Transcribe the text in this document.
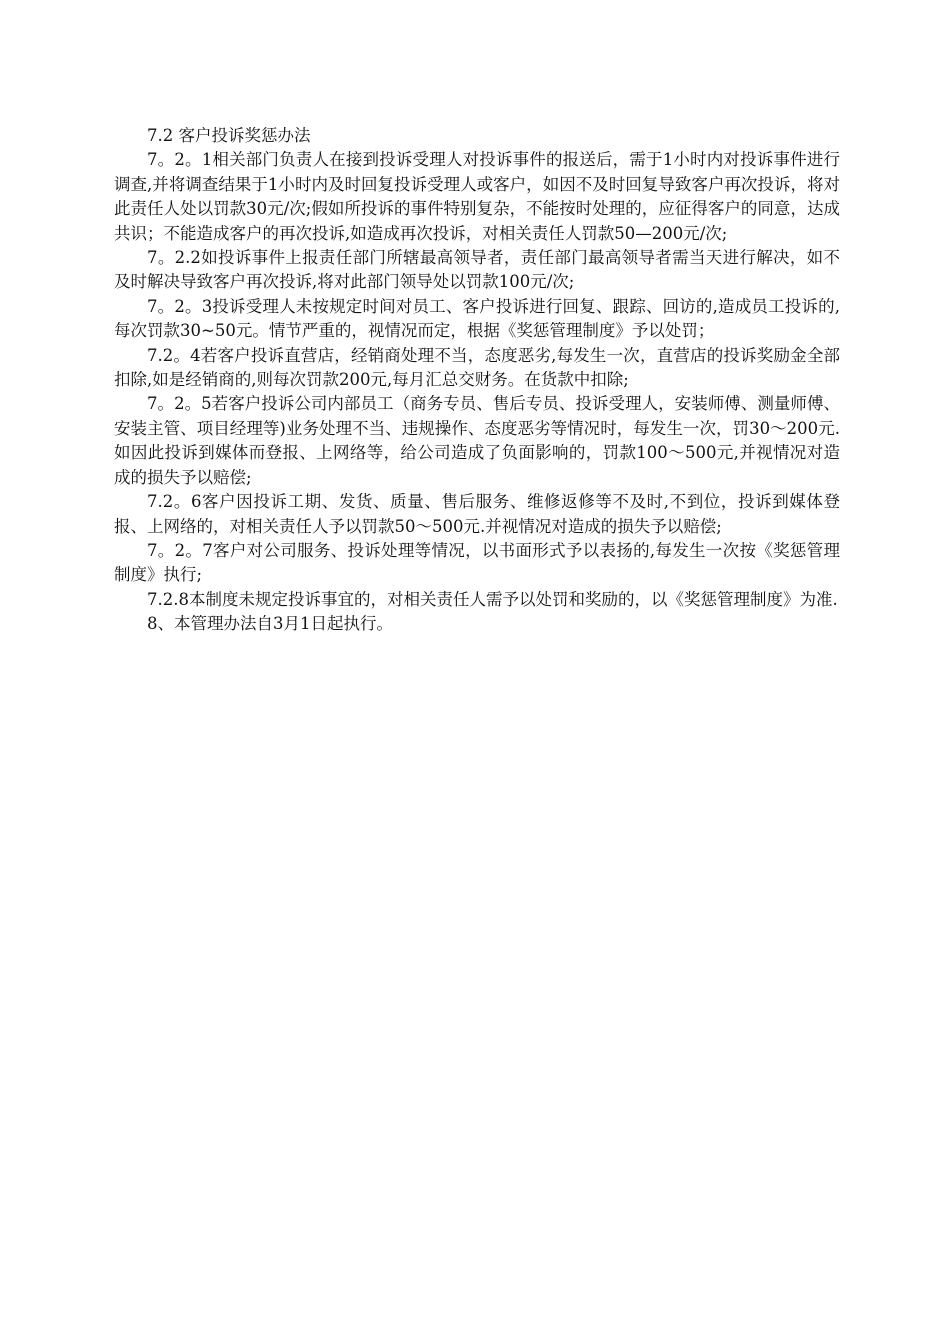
7.2 客户投诉奖惩办法

7。2。1相关部门负责人在接到投诉受理人对投诉事件的报送后，需于1小时内对投诉事件进行调查,并将调查结果于1小时内及时回复投诉受理人或客户，如因不及时回复导致客户再次投诉，将对此责任人处以罚款30元/次;假如所投诉的事件特别复杂，不能按时处理的，应征得客户的同意，达成共识；不能造成客户的再次投诉,如造成再次投诉，对相关责任人罚款50—200元/次;

7。2.2如投诉事件上报责任部门所辖最高领导者，责任部门最高领导者需当天进行解决，如不及时解决导致客户再次投诉,将对此部门领导处以罚款100元/次;

7。2。3投诉受理人未按规定时间对员工、客户投诉进行回复、跟踪、回访的,造成员工投诉的,每次罚款30~50元。情节严重的，视情况而定，根据《奖惩管理制度》予以处罚；

7.2。4若客户投诉直营店，经销商处理不当，态度恶劣,每发生一次，直营店的投诉奖励金全部扣除,如是经销商的,则每次罚款200元,每月汇总交财务。在货款中扣除;

7。2。5若客户投诉公司内部员工（商务专员、售后专员、投诉受理人，安装师傅、测量师傅、安装主管、项目经理等)业务处理不当、违规操作、态度恶劣等情况时，每发生一次，罚30～200元.如因此投诉到媒体而登报、上网络等，给公司造成了负面影响的，罚款100～500元,并视情况对造成的损失予以赔偿;

7.2。6客户因投诉工期、发货、质量、售后服务、维修返修等不及时,不到位，投诉到媒体登报、上网络的，对相关责任人予以罚款50～500元.并视情况对造成的损失予以赔偿;

7。2。7客户对公司服务、投诉处理等情况，以书面形式予以表扬的,每发生一次按《奖惩管理制度》执行;

7.2.8本制度未规定投诉事宜的，对相关责任人需予以处罚和奖励的，以《奖惩管理制度》为准.

8、本管理办法自3月1日起执行。
